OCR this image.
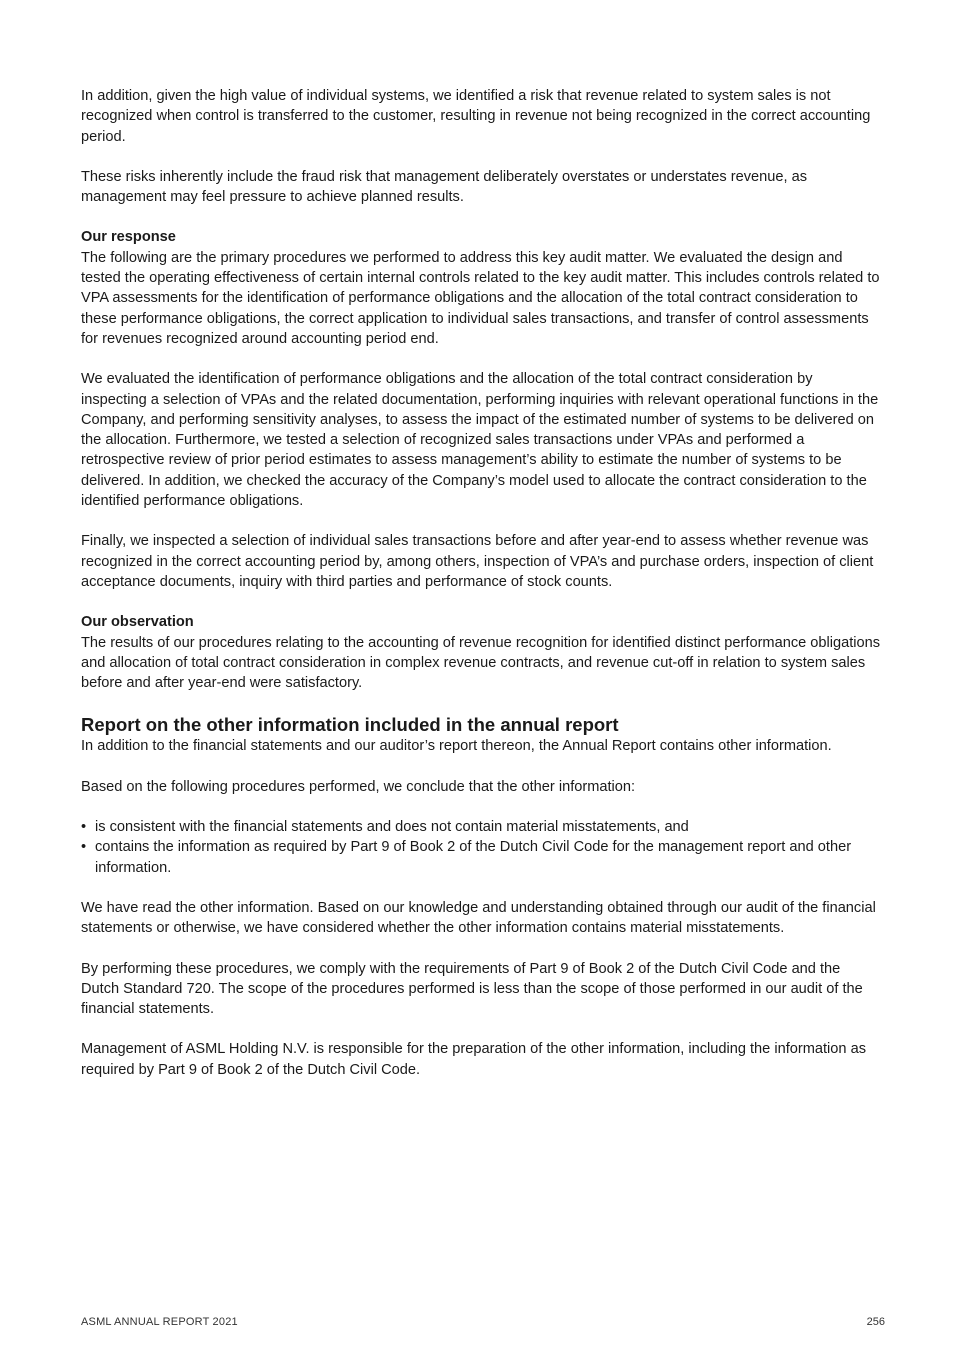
In addition, given the high value of individual systems, we identified a risk that revenue related to system sales is not recognized when control is transferred to the customer, resulting in revenue not being recognized in the correct accounting period.

These risks inherently include the fraud risk that management deliberately overstates or understates revenue, as management may feel pressure to achieve planned results.

Our response

The following are the primary procedures we performed to address this key audit matter. We evaluated the design and tested the operating effectiveness of certain internal controls related to the key audit matter. This includes controls related to VPA assessments for the identification of performance obligations and the allocation of the total contract consideration to these performance obligations, the correct application to individual sales transactions, and transfer of control assessments for revenues recognized around accounting period end.

We evaluated the identification of performance obligations and the allocation of the total contract consideration by inspecting a selection of VPAs and the related documentation, performing inquiries with relevant operational functions in the Company, and performing sensitivity analyses, to assess the impact of the estimated number of systems to be delivered on the allocation. Furthermore, we tested a selection of recognized sales transactions under VPAs and performed a retrospective review of prior period estimates to assess management’s ability to estimate the number of systems to be delivered. In addition, we checked the accuracy of the Company’s model used to allocate the contract consideration to the identified performance obligations.

Finally, we inspected a selection of individual sales transactions before and after year-end to assess whether revenue was recognized in the correct accounting period by, among others, inspection of VPA’s and purchase orders, inspection of client acceptance documents, inquiry with third parties and performance of stock counts.

Our observation

The results of our procedures relating to the accounting of revenue recognition for identified distinct performance obligations and allocation of total contract consideration in complex revenue contracts, and revenue cut-off in relation to system sales before and after year-end were satisfactory.

Report on the other information included in the annual report

In addition to the financial statements and our auditor’s report thereon, the Annual Report contains other information.

Based on the following procedures performed, we conclude that the other information:

• is consistent with the financial statements and does not contain material misstatements, and
• contains the information as required by Part 9 of Book 2 of the Dutch Civil Code for the management report and other information.

We have read the other information. Based on our knowledge and understanding obtained through our audit of the financial statements or otherwise, we have considered whether the other information contains material misstatements.

By performing these procedures, we comply with the requirements of Part 9 of Book 2 of the Dutch Civil Code and the Dutch Standard 720. The scope of the procedures performed is less than the scope of those performed in our audit of the financial statements.

Management of ASML Holding N.V. is responsible for the preparation of the other information, including the information as required by Part 9 of Book 2 of the Dutch Civil Code.

ASML ANNUAL REPORT 2021	256
